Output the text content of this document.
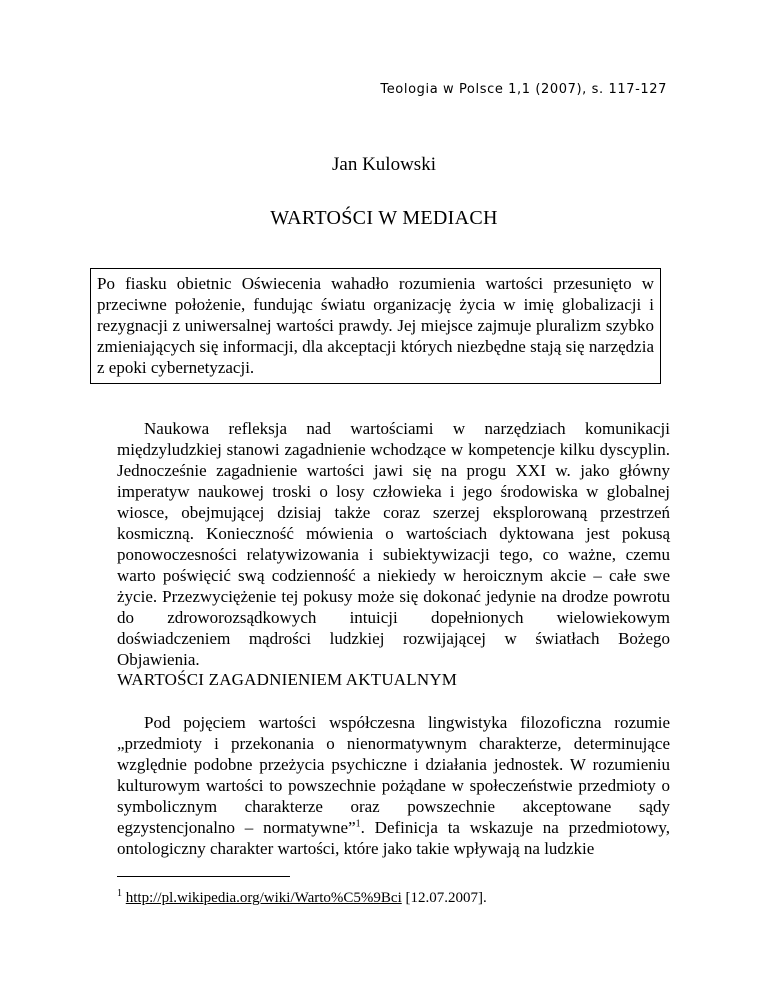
Teologia w Polsce 1,1 (2007), s. 117-127
Jan Kulowski
WARTOŚCI W MEDIACH
Po fiasku obietnic Oświecenia wahadło rozumienia wartości przesunięto w przeciwne położenie, fundując światu organizację życia w imię globalizacji i rezygnacji z uniwersalnej wartości prawdy. Jej miejsce zajmuje pluralizm szybko zmieniających się informacji, dla akceptacji których niezbędne stają się narzędzia z epoki cybernetyzacji.

Naukowa refleksja nad wartościami w narzędziach komunikacji międzyludzkiej stanowi zagadnienie wchodzące w kompetencje kilku dyscyplin. Jednocześnie zagadnienie wartości jawi się na progu XXI w. jako główny imperatyw naukowej troski o losy człowieka i jego środowiska w globalnej wiosce, obejmującej dzisiaj także coraz szerzej eksplorowaną przestrzeń kosmiczną. Konieczność mówienia o wartościach dyktowana jest pokusą ponowoczesności relatywizowania i subiektywizacji tego, co ważne, czemu warto poświęcić swą codzienność a niekiedy w heroicznym akcie – całe swe życie. Przezwyciężenie tej pokusy może się dokonać jedynie na drodze powrotu do zdroworozsądkowych intuicji dopełnionych wielowiekowym doświadczeniem mądrości ludzkiej rozwijającej w światłach Bożego Objawienia.

WARTOŚCI ZAGADNIENIEM AKTUALNYM

Pod pojęciem wartości współczesna lingwistyka filozoficzna rozumie „przedmioty i przekonania o nienormatywnym charakterze, determinujące względnie podobne przeżycia psychiczne i działania jednostek. W rozumieniu kulturowym wartości to powszechnie pożądane w społeczeństwie przedmioty o symbolicznym charakterze oraz powszechnie akceptowane sądy egzystencjonalno – normatywne”$^1$. Definicja ta wskazuje na przedmiotowy, ontologiczny charakter wartości, które jako takie wpływają na ludzkie

$^1$ http://pl.wikipedia.org/wiki/Warto%C5%9Bci [12.07.2007].
